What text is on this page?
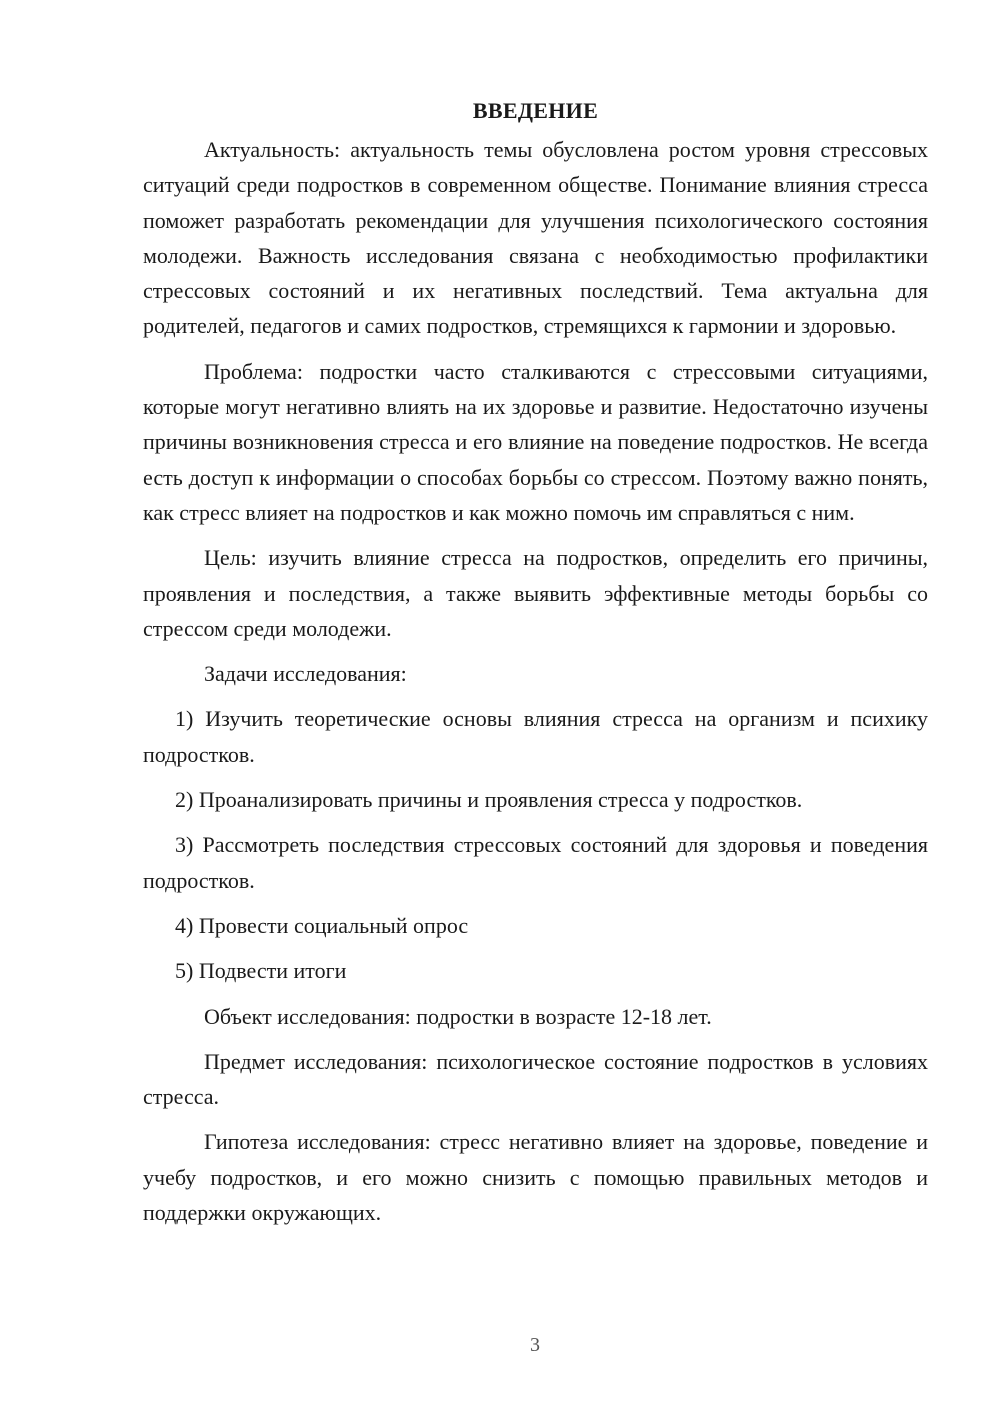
ВВЕДЕНИЕ

Актуальность: актуальность темы обусловлена ростом уровня стрессовых ситуаций среди подростков в современном обществе. Понимание влияния стресса поможет разработать рекомендации для улучшения психологического состояния молодежи. Важность исследования связана с необходимостью профилактики стрессовых состояний и их негативных последствий. Тема актуальна для родителей, педагогов и самих подростков, стремящихся к гармонии и здоровью.

Проблема: подростки часто сталкиваются с стрессовыми ситуациями, которые могут негативно влиять на их здоровье и развитие. Недостаточно изучены причины возникновения стресса и его влияние на поведение подростков. Не всегда есть доступ к информации о способах борьбы со стрессом. Поэтому важно понять, как стресс влияет на подростков и как можно помочь им справляться с ним.

Цель: изучить влияние стресса на подростков, определить его причины, проявления и последствия, а также выявить эффективные методы борьбы со стрессом среди молодежи.

Задачи исследования:

1) Изучить теоретические основы влияния стресса на организм и психику подростков.

2) Проанализировать причины и проявления стресса у подростков.

3) Рассмотреть последствия стрессовых состояний для здоровья и поведения подростков.

4) Провести социальный опрос

5) Подвести итоги

Объект исследования: подростки в возрасте 12-18 лет.

Предмет исследования: психологическое состояние подростков в условиях стресса.

Гипотеза исследования: стресс негативно влияет на здоровье, поведение и учебу подростков, и его можно снизить с помощью правильных методов и поддержки окружающих.

3
